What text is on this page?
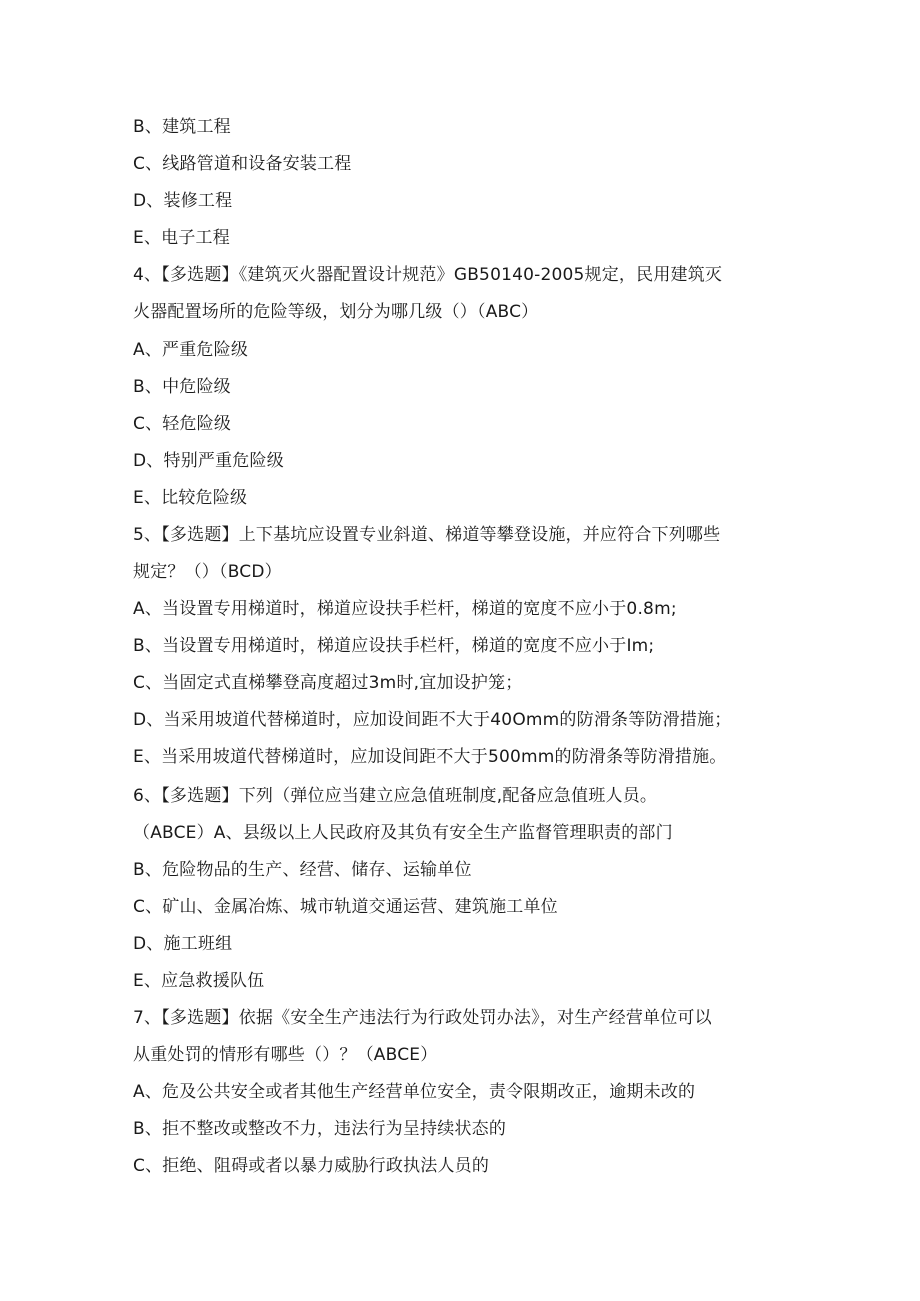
B、建筑工程
C、线路管道和设备安装工程
D、装修工程
E、电子工程
4、【多选题】《建筑灭火器配置设计规范》GB50140-2005规定，民用建筑灭
火器配置场所的危险等级，划分为哪几级（）（ABC）
A、严重危险级
B、中危险级
C、轻危险级
D、特别严重危险级
E、比较危险级
5、【多选题】上下基坑应设置专业斜道、梯道等攀登设施，并应符合下列哪些
规定？（）（BCD）
A、当设置专用梯道时，梯道应设扶手栏杆，梯道的宽度不应小于0.8m;
B、当设置专用梯道时，梯道应设扶手栏杆，梯道的宽度不应小于Im;
C、当固定式直梯攀登高度超过3m时,宜加设护笼；
D、当采用坡道代替梯道时，应加设间距不大于40Omm的防滑条等防滑措施；
E、当采用坡道代替梯道时，应加设间距不大于500mm的防滑条等防滑措施。
6、【多选题】下列（弹位应当建立应急值班制度,配备应急值班人员。
（ABCE）A、县级以上人民政府及其负有安全生产监督管理职责的部门
B、危险物品的生产、经营、储存、运输单位
C、矿山、金属冶炼、城市轨道交通运营、建筑施工单位
D、施工班组
E、应急救援队伍
7、【多选题】依据《安全生产违法行为行政处罚办法》，对生产经营单位可以
从重处罚的情形有哪些（）？（ABCE）
A、危及公共安全或者其他生产经营单位安全，责令限期改正，逾期未改的
B、拒不整改或整改不力，违法行为呈持续状态的
C、拒绝、阻碍或者以暴力威胁行政执法人员的
